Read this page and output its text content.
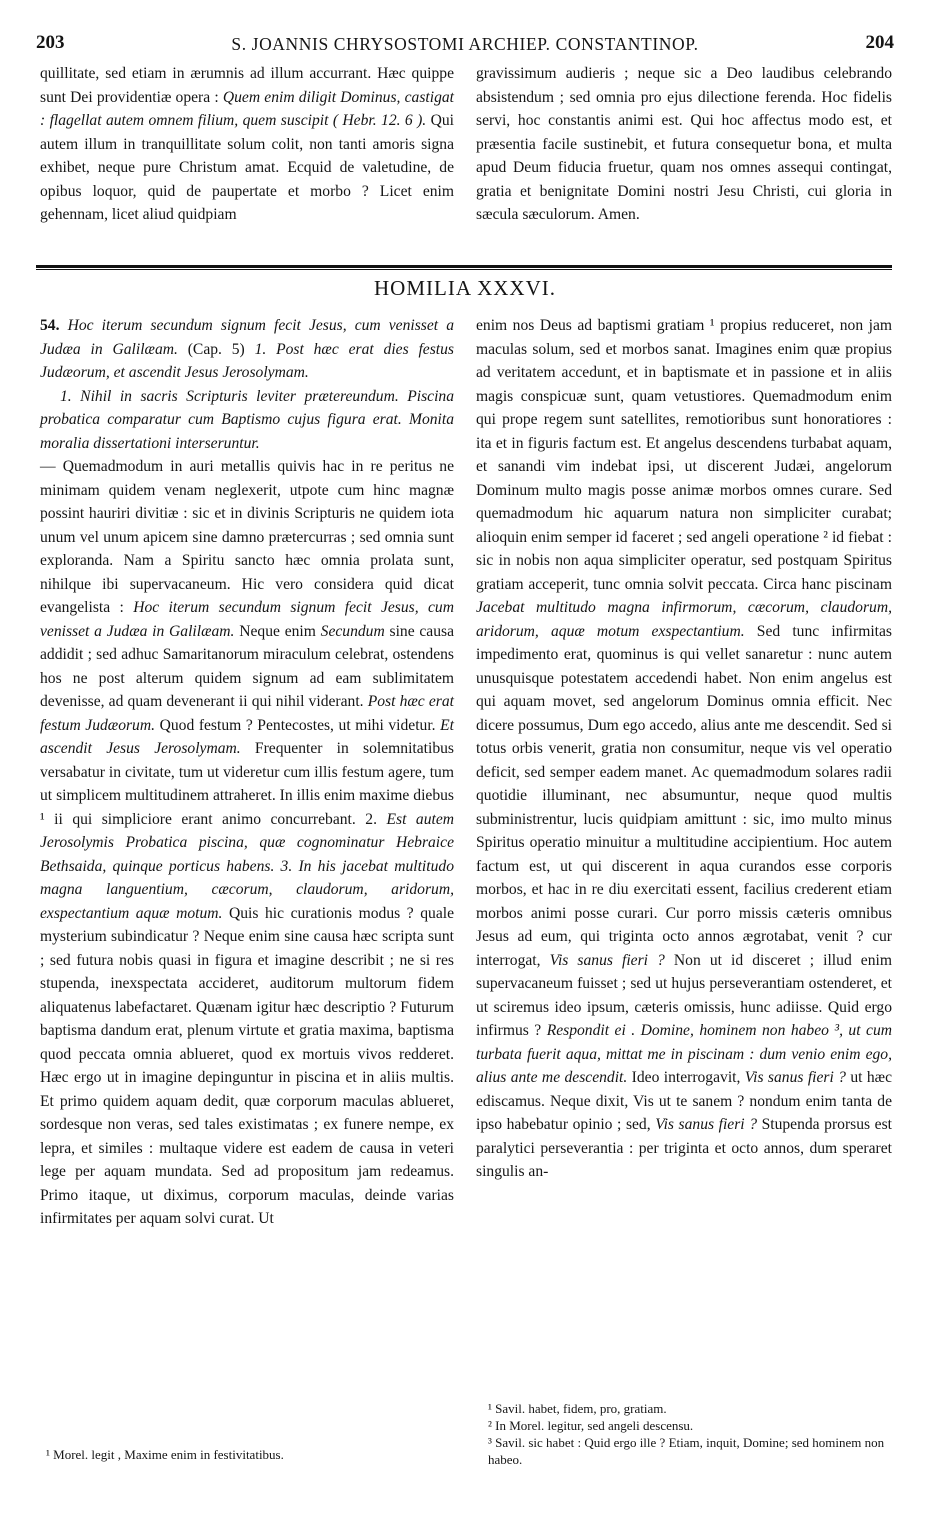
203	S. JOANNIS CHRYSOSTOMI ARCHIEP. CONSTANTINOP.	204

quillitate, sed etiam in ærumnis ad illum accurrant. Hæc quippe sunt Dei providentiæ opera : Quem enim diligit Dominus, castigat : flagellat autem omnem filium, quem suscipit ( Hebr. 12. 6 ). Qui autem illum in tranquillitate solum colit, non tanti amoris signa exhibet, neque pure Christum amat. Ecquid de valetudine, de opibus loquor, quid de paupertate et morbo ? Licet enim gehennam, licet aliud quidpiam

gravissimum audieris ; neque sic a Deo laudibus celebrando absistendum ; sed omnia pro ejus dilectione ferenda. Hoc fidelis servi, hoc constantis animi est. Qui hoc affectus modo est, et præsentia facile sustinebit, et futura consequetur bona, et multa apud Deum fiducia fruetur, quam nos omnes assequi contingat, gratia et benignitate Domini nostri Jesu Christi, cui gloria in sæcula sæculorum. Amen.

HOMILIA XXXVI.

54. Hoc iterum secundum signum fecit Jesus, cum venisset a Judæa in Galilæam. (Cap. 5) 1. Post hæc erat dies festus Judæorum, et ascendit Jesus Jerosolymam.

1. Nihil in sacris Scripturis leviter prætereundum. Piscina probatica comparatur cum Baptismo cujus figura erat. Monita moralia dissertationi interseruntur.

— Quemadmodum in auri metallis quivis hac in re peritus ne minimam quidem venam neglexerit, utpote cum hinc magnæ possint hauriri divitiæ : sic et in divinis Scripturis ne quidem iota unum vel unum apicem sine damno prætercurras ; sed omnia sunt exploranda. Nam a Spiritu sancto hæc omnia prolata sunt, nihilque ibi supervacaneum. Hic vero considera quid dicat evangelista : Hoc iterum secundum signum fecit Jesus, cum venisset a Judæa in Galilæam. Neque enim Secundum sine causa addidit ; sed adhuc Samaritanorum miraculum celebrat, ostendens hos ne post alterum quidem signum ad eam sublimitatem devenisse, ad quam devenerant ii qui nihil viderant. Post hæc erat festum Judæorum. Quod festum ? Pentecostes, ut mihi videtur. Et ascendit Jesus Jerosolymam. Frequenter in solemnitatibus versabatur in civitate, tum ut videretur cum illis festum agere, tum ut simplicem multitudinem attraheret. In illis enim maxime diebus ¹ ii qui simpliciore erant animo concurrebant. 2. Est autem Jerosolymis Probatica piscina, quæ cognominatur Hebraice Bethsaida, quinque porticus habens. 3. In his jacebat multitudo magna languentium, cæcorum, claudorum, aridorum, exspectantium aquæ motum. Quis hic curationis modus ? quale mysterium subindicatur ? Neque enim sine causa hæc scripta sunt ; sed futura nobis quasi in figura et imagine describit ; ne si res stupenda, inexspectata accideret, auditorum multorum fidem aliquatenus labefactaret. Quænam igitur hæc descriptio ? Futurum baptisma dandum erat, plenum virtute et gratia maxima, baptisma quod peccata omnia ablueret, quod ex mortuis vivos redderet. Hæc ergo ut in imagine depinguntur in piscina et in aliis multis. Et primo quidem aquam dedit, quæ corporum maculas ablueret, sordesque non veras, sed tales existimatas ; ex funere nempe, ex lepra, et similes : multaque videre est eadem de causa in veteri lege per aquam mundata. Sed ad propositum jam redeamus. Primo itaque, ut diximus, corporum maculas, deinde varias infirmitates per aquam solvi curat. Ut

enim nos Deus ad baptismi gratiam ¹ propius reduceret, non jam maculas solum, sed et morbos sanat. Imagines enim quæ propius ad veritatem accedunt, et in baptismate et in passione et in aliis magis conspicuæ sunt, quam vetustiores. Quemadmodum enim qui prope regem sunt satellites, remotioribus sunt honoratiores : ita et in figuris factum est. Et angelus descendens turbabat aquam, et sanandi vim indebat ipsi, ut discerent Judæi, angelorum Dominum multo magis posse animæ morbos omnes curare. Sed quemadmodum hic aquarum natura non simpliciter curabat; alioquin enim semper id faceret ; sed angeli operatione ² id fiebat : sic in nobis non aqua simpliciter operatur, sed postquam Spiritus gratiam acceperit, tunc omnia solvit peccata. Circa hanc piscinam Jacebat multitudo magna infirmorum, cæcorum, claudorum, aridorum, aquæ motum exspectantium. Sed tunc infirmitas impedimento erat, quominus is qui vellet sanaretur : nunc autem unusquisque potestatem accedendi habet. Non enim angelus est qui aquam movet, sed angelorum Dominus omnia efficit. Nec dicere possumus, Dum ego accedo, alius ante me descendit. Sed si totus orbis venerit, gratia non consumitur, neque vis vel operatio deficit, sed semper eadem manet. Ac quemadmodum solares radii quotidie illuminant, nec absumuntur, neque quod multis subministrentur, lucis quidpiam amittunt : sic, imo multo minus Spiritus operatio minuitur a multitudine accipientium. Hoc autem factum est, ut qui discerent in aqua curandos esse corporis morbos, et hac in re diu exercitati essent, facilius crederent etiam morbos animi posse curari. Cur porro missis cæteris omnibus Jesus ad eum, qui triginta octo annos ægrotabat, venit ? cur interrogat, Vis sanus fieri ? Non ut id disceret ; illud enim supervacaneum fuisset ; sed ut hujus perseverantiam ostenderet, et ut sciremus ideo ipsum, cæteris omissis, hunc adiisse. Quid ergo infirmus ? Respondit ei . Domine, hominem non habeo ³, ut cum turbata fuerit aqua, mittat me in piscinam : dum venio enim ego, alius ante me descendit. Ideo interrogavit, Vis sanus fieri ? ut hæc ediscamus. Neque dixit, Vis ut te sanem ? nondum enim tanta de ipso habebatur opinio ; sed, Vis sanus fieri ? Stupenda prorsus est paralytici perseverantia : per triginta et octo annos, dum speraret singulis an-

¹ Morel. legit , Maxime enim in festivitatibus.
¹ Savil. habet, fidem, pro, gratiam.
² In Morel. legitur, sed angeli descensu.
³ Savil. sic habet : Quid ergo ille ? Etiam, inquit, Domine; sed hominem non habeo.
